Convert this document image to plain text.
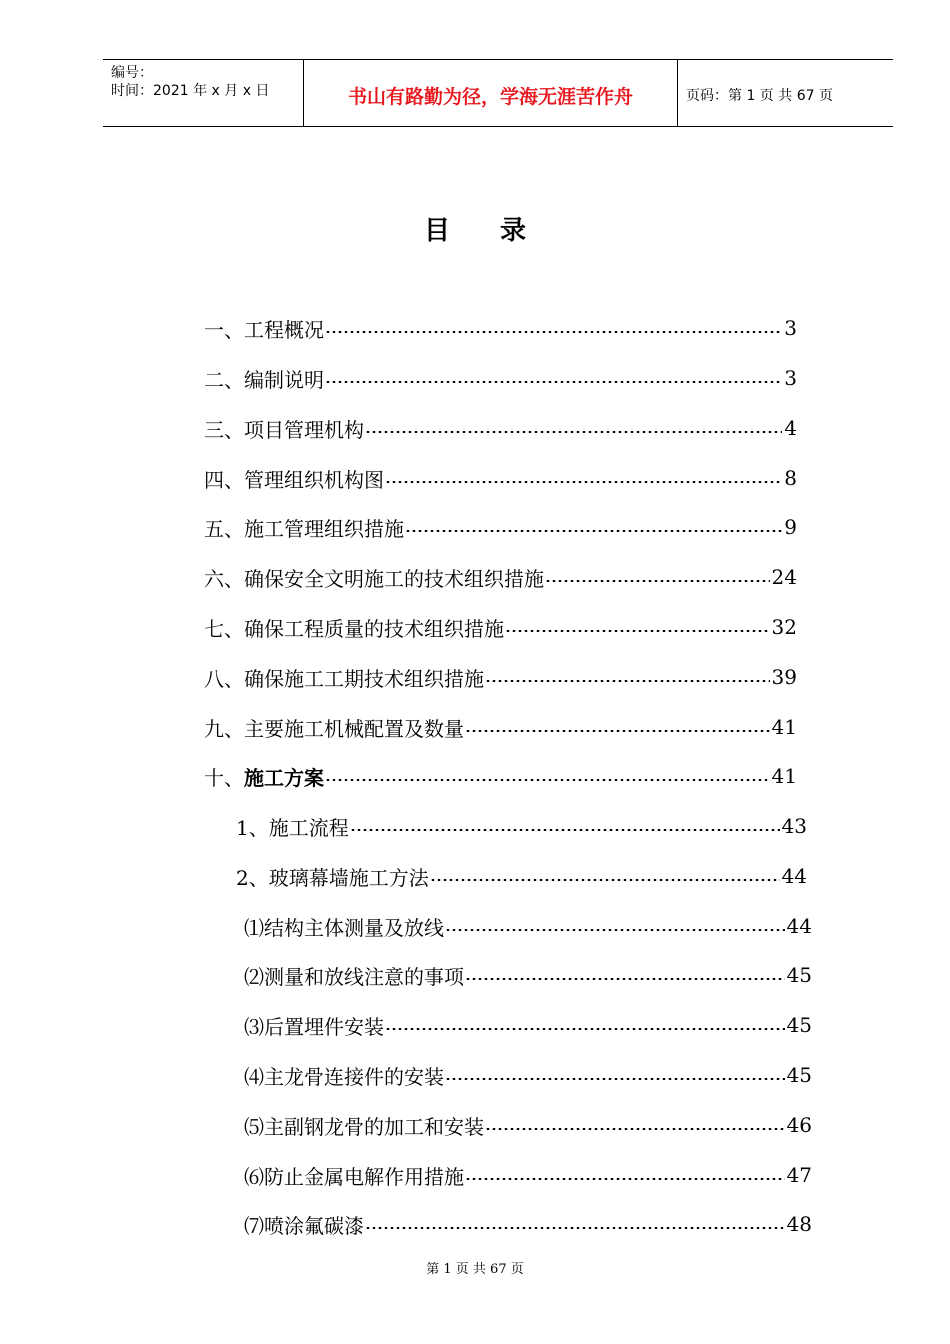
编号：
时间：2021 年 x 月 x 日	书山有路勤为径，学海无涯苦作舟	页码：第 1 页 共 67 页
目录
一、工程概况	3
二、编制说明	3
三、项目管理机构	4
四、管理组织机构图	8
五、施工管理组织措施	9
六、确保安全文明施工的技术组织措施	24
七、确保工程质量的技术组织措施	32
八、确保施工工期技术组织措施	39
九、主要施工机械配置及数量	41
十、施工方案	41
1、施工流程	43
2、玻璃幕墙施工方法	44
⑴结构主体测量及放线	44
⑵测量和放线注意的事项	45
⑶后置埋件安装	45
⑷主龙骨连接件的安装	45
⑸主副钢龙骨的加工和安装	46
⑹防止金属电解作用措施	47
⑺喷涂氟碳漆	48
第 1 页 共 67 页
